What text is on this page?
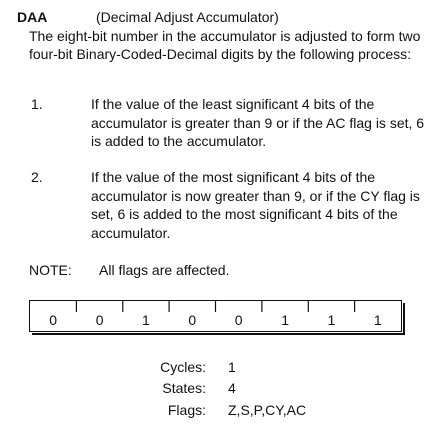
DAA	(Decimal Adjust Accumulator)
The eight-bit number in the accumulator is adjusted to form two four-bit Binary-Coded-Decimal digits by the following process:
1.	If the value of the least significant 4 bits of the accumulator is greater than 9 or if the AC flag is set, 6 is added to the accumulator.
2.	If the value of the most significant 4 bits of the accumulator is now greater than 9, or if the CY flag is set, 6 is added to the most significant 4 bits of the accumulator.
NOTE: All flags are affected.
0	0	1	0	0	1	1	1
Cycles: 1
States: 4
Flags: Z,S,P,CY,AC
